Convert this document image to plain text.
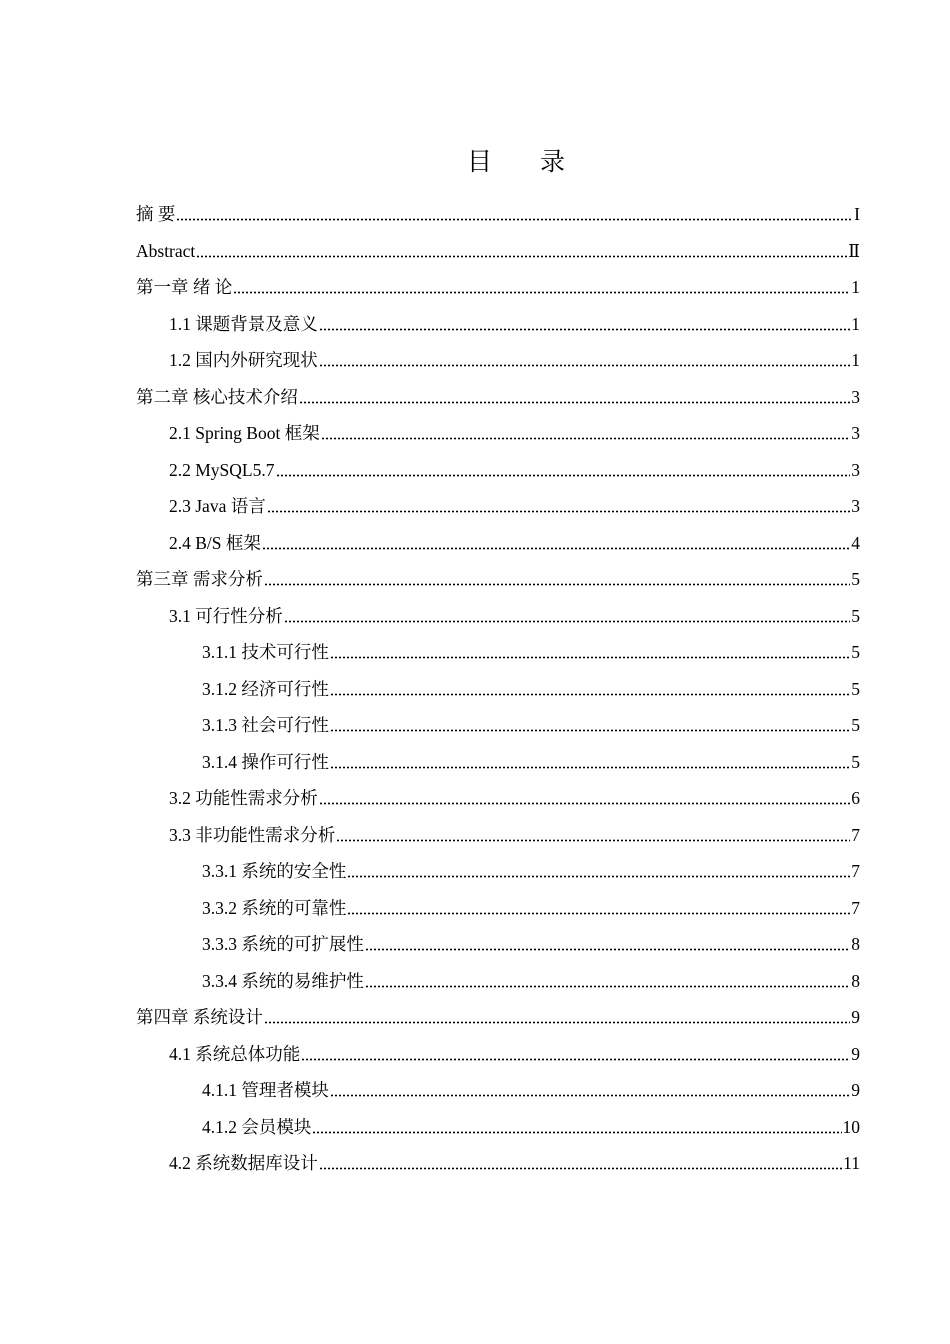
目 录
摘 要	I
Abstract	Ⅱ
第一章 绪 论	1
1.1 课题背景及意义	1
1.2 国内外研究现状	1
第二章 核心技术介绍	3
2.1 Spring Boot 框架	3
2.2 MySQL5.7	3
2.3 Java 语言	3
2.4 B/S 框架	4
第三章 需求分析	5
3.1 可行性分析	5
3.1.1 技术可行性	5
3.1.2 经济可行性	5
3.1.3 社会可行性	5
3.1.4 操作可行性	5
3.2 功能性需求分析	6
3.3 非功能性需求分析	7
3.3.1 系统的安全性	7
3.3.2 系统的可靠性	7
3.3.3 系统的可扩展性	8
3.3.4 系统的易维护性	8
第四章 系统设计	9
4.1 系统总体功能	9
4.1.1 管理者模块	9
4.1.2 会员模块	10
4.2 系统数据库设计	11
